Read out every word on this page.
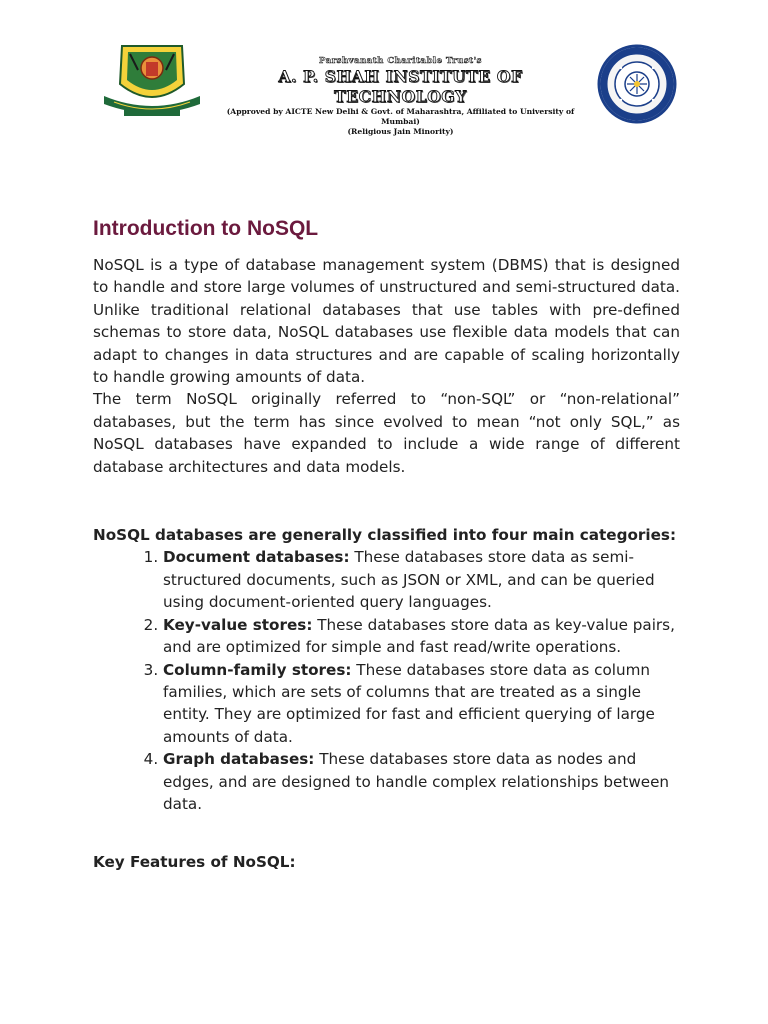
Parshvanath Charitable Trust's
A. P. SHAH INSTITUTE OF TECHNOLOGY
(Approved by AICTE New Delhi & Govt. of Maharashtra, Affiliated to University of Mumbai)
(Religious Jain Minority)
Introduction to NoSQL

NoSQL is a type of database management system (DBMS) that is designed to handle and store large volumes of unstructured and semi-structured data. Unlike traditional relational databases that use tables with pre-defined schemas to store data, NoSQL databases use flexible data models that can adapt to changes in data structures and are capable of scaling horizontally to handle growing amounts of data.

The term NoSQL originally referred to “non-SQL” or “non-relational” databases, but the term has since evolved to mean “not only SQL,” as NoSQL databases have expanded to include a wide range of different database architectures and data models.

NoSQL databases are generally classified into four main categories:

1. Document databases: These databases store data as semi-structured documents, such as JSON or XML, and can be queried using document-oriented query languages.
2. Key-value stores: These databases store data as key-value pairs, and are optimized for simple and fast read/write operations.
3. Column-family stores: These databases store data as column families, which are sets of columns that are treated as a single entity. They are optimized for fast and efficient querying of large amounts of data.
4. Graph databases: These databases store data as nodes and edges, and are designed to handle complex relationships between data.

Key Features of NoSQL:
